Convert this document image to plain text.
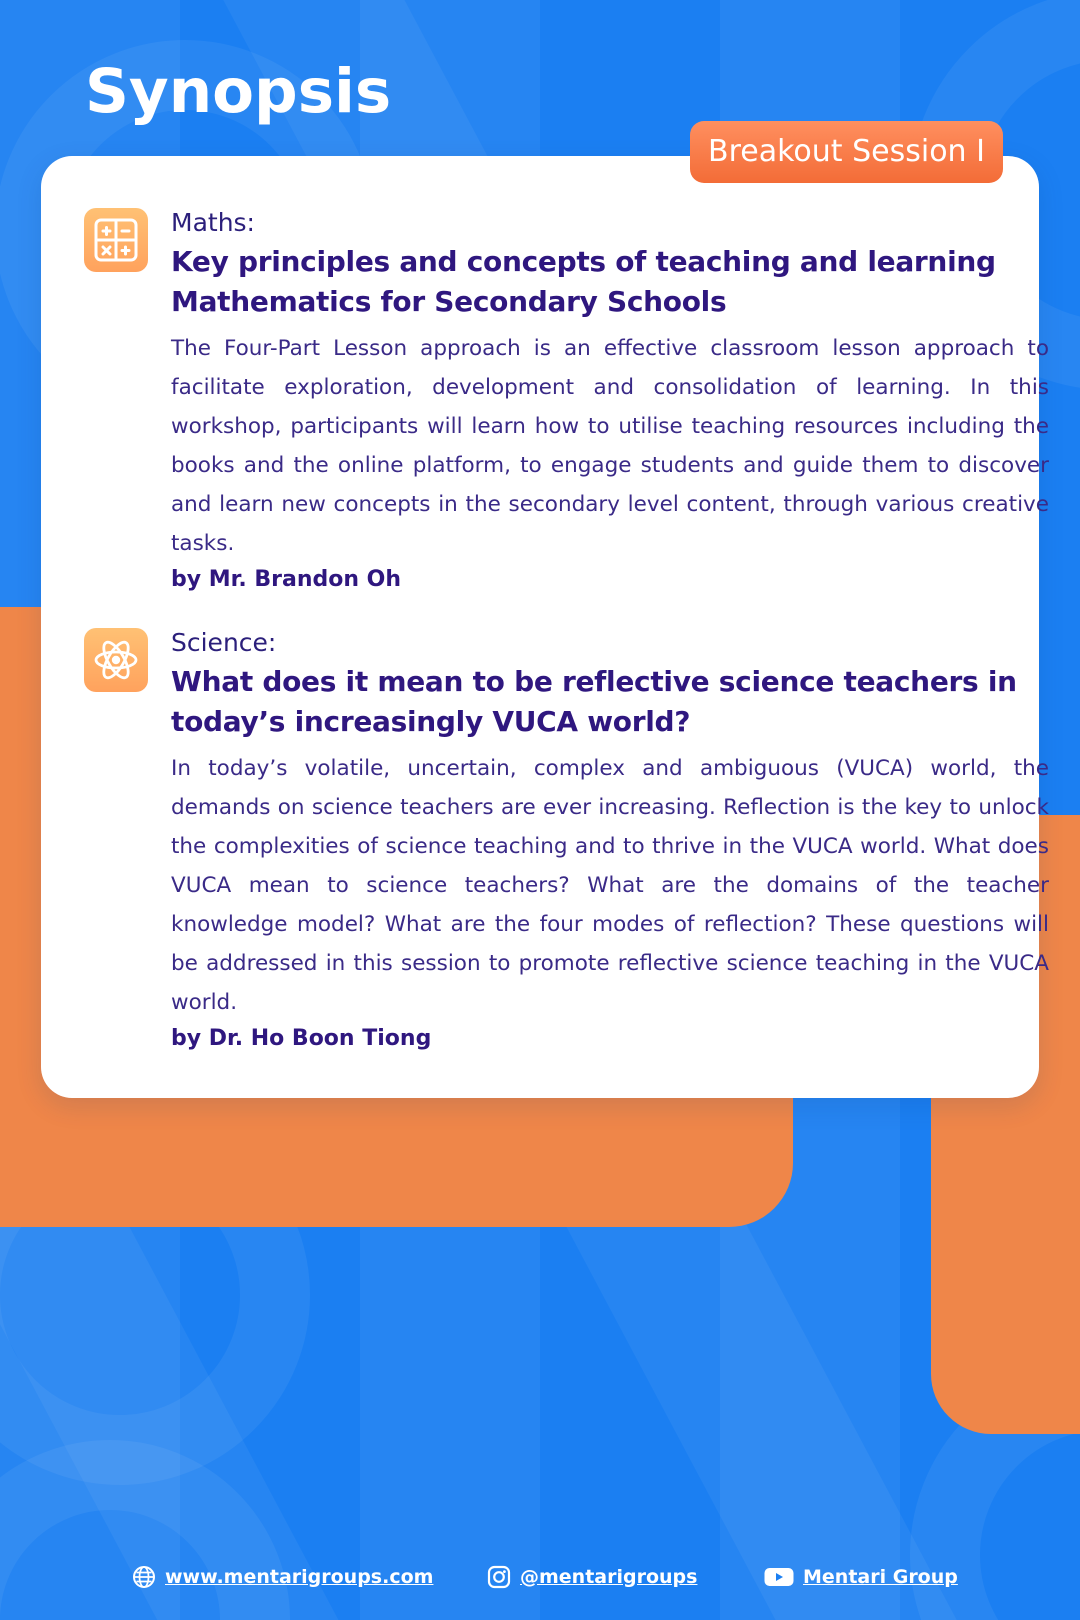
Synopsis
Breakout Session I
Maths:
Key principles and concepts of teaching and learning Mathematics for Secondary Schools

The Four-Part Lesson approach is an effective classroom lesson approach to facilitate exploration, development and consolidation of learning. In this workshop, participants will learn how to utilise teaching resources including the books and the online platform, to engage students and guide them to discover and learn new concepts in the secondary level content, through various creative tasks.

by Mr. Brandon Oh
Science:
What does it mean to be reflective science teachers in today’s increasingly VUCA world?

In today’s volatile, uncertain, complex and ambiguous (VUCA) world, the demands on science teachers are ever increasing. Reflection is the key to unlock the complexities of science teaching and to thrive in the VUCA world. What does VUCA mean to science teachers? What are the domains of the teacher knowledge model? What are the four modes of reflection? These questions will be addressed in this session to promote reflective science teaching in the VUCA world.

by Dr. Ho Boon Tiong
www.mentarigroups.com	@mentarigroups	Mentari Group
